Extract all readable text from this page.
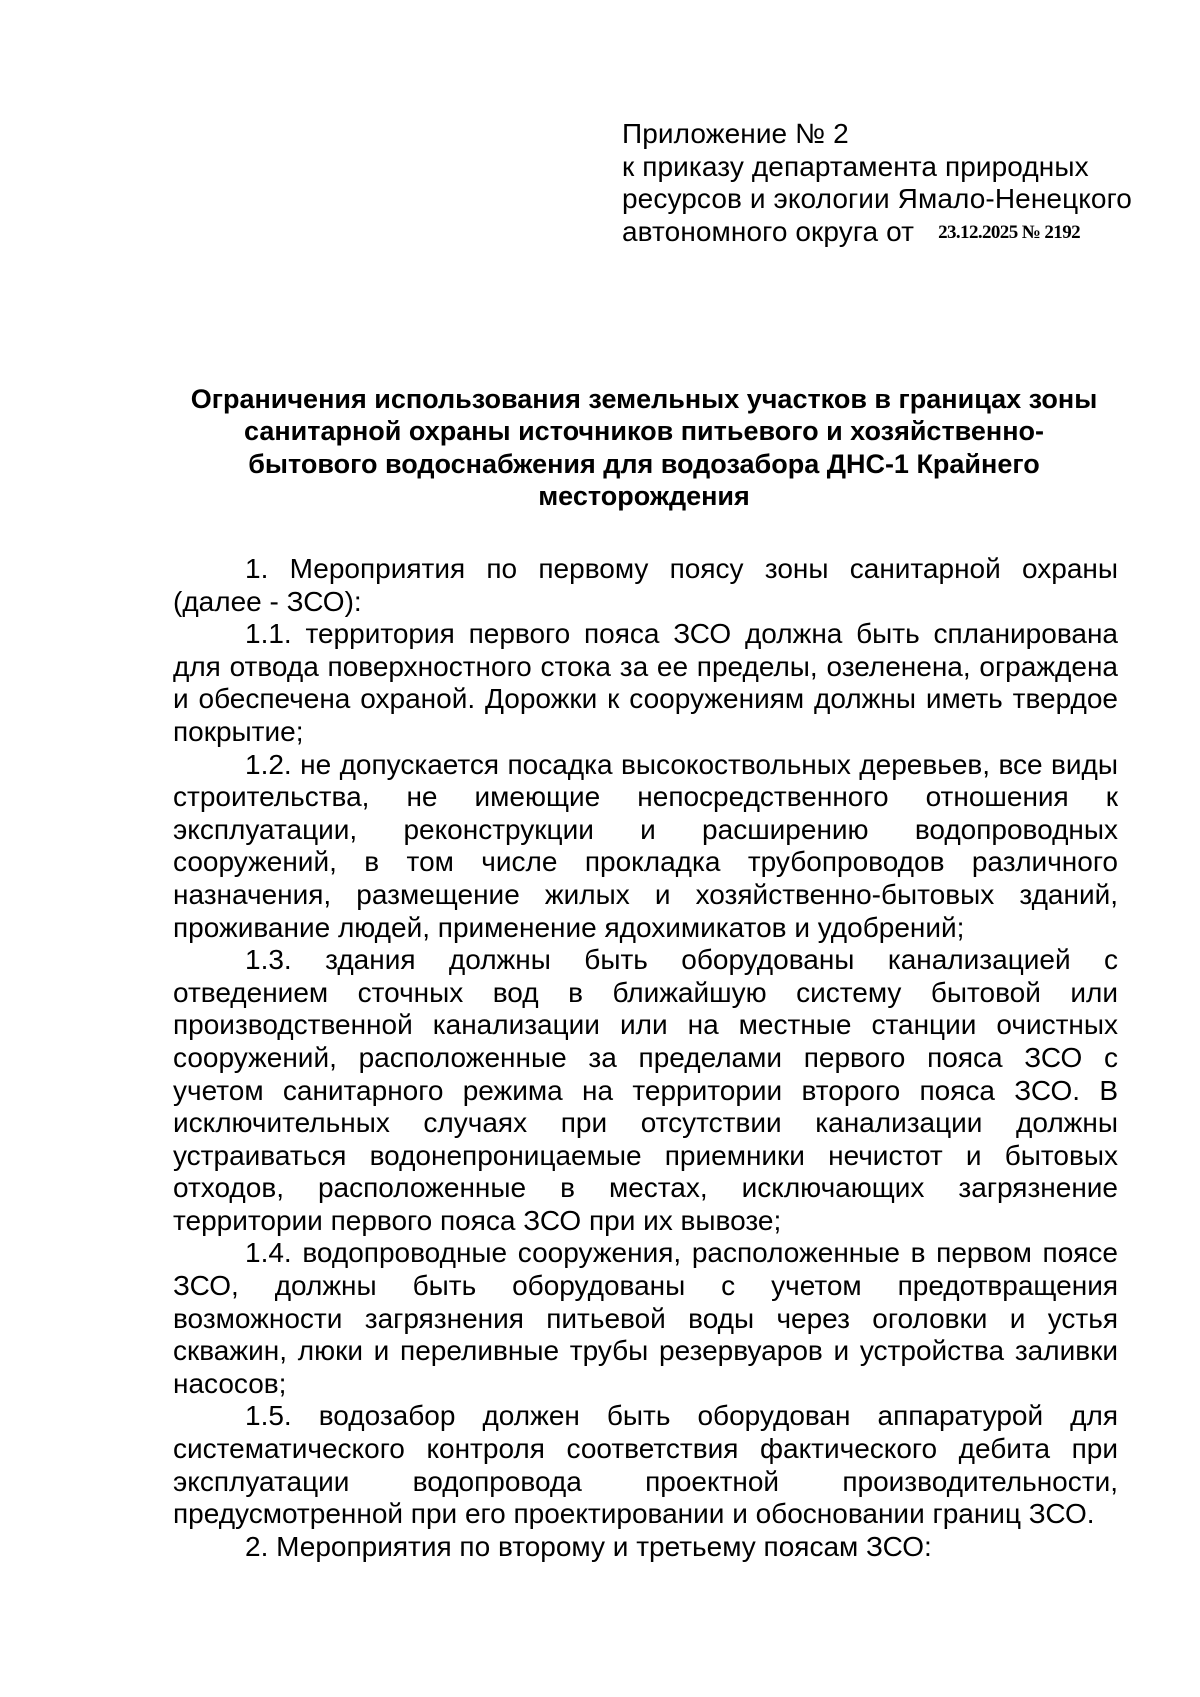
Приложение № 2
к приказу департамента природных
ресурсов и экологии Ямало-Ненецкого
автономного округа от 23.12.2025 № 2192
Ограничения использования земельных участков в границах зоны
санитарной охраны источников питьевого и хозяйственно-
бытового водоснабжения для водозабора ДНС-1 Крайнего
месторождения

1. Мероприятия по первому поясу зоны санитарной охраны (далее - ЗСО):

1.1. территория первого пояса ЗСО должна быть спланирована для отвода поверхностного стока за ее пределы, озеленена, ограждена и обеспечена охраной. Дорожки к сооружениям должны иметь твердое покрытие;

1.2. не допускается посадка высокоствольных деревьев, все виды строительства, не имеющие непосредственного отношения к эксплуатации, реконструкции и расширению водопроводных сооружений, в том числе прокладка трубопроводов различного назначения, размещение жилых и хозяйственно-бытовых зданий, проживание людей, применение ядохимикатов и удобрений;

1.3. здания должны быть оборудованы канализацией с отведением сточных вод в ближайшую систему бытовой или производственной канализации или на местные станции очистных сооружений, расположенные за пределами первого пояса ЗСО с учетом санитарного режима на территории второго пояса ЗСО. В исключительных случаях при отсутствии канализации должны устраиваться водонепроницаемые приемники нечистот и бытовых отходов, расположенные в местах, исключающих загрязнение территории первого пояса ЗСО при их вывозе;

1.4. водопроводные сооружения, расположенные в первом поясе ЗСО, должны быть оборудованы с учетом предотвращения возможности загрязнения питьевой воды через оголовки и устья скважин, люки и переливные трубы резервуаров и устройства заливки насосов;

1.5. водозабор должен быть оборудован аппаратурой для систематического контроля соответствия фактического дебита при эксплуатации водопровода проектной производительности, предусмотренной при его проектировании и обосновании границ ЗСО.

2. Мероприятия по второму и третьему поясам ЗСО:
